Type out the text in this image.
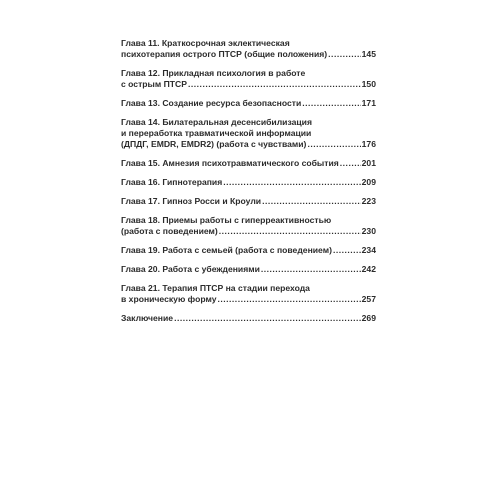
Глава 11. Краткосрочная эклектическая
психотерапия острого ПТСР (общие положения) .....	145
Глава 12. Прикладная психология в работе
с острым ПТСР .....	150
Глава 13. Создание ресурса безопасности .....	171
Глава 14. Билатеральная десенсибилизация
и переработка травматической информации
(ДПДГ, EMDR, EMDR2) (работа с чувствами) .....	176
Глава 15. Амнезия психотравматического события .....	201
Глава 16. Гипнотерапия .....	209
Глава 17. Гипноз Росси и Кроули .....	223
Глава 18. Приемы работы с гиперреактивностью
(работа с поведением) .....	230
Глава 19. Работа с семьей (работа с поведением) .....	234
Глава 20. Работа с убеждениями .....	242
Глава 21. Терапия ПТСР на стадии перехода
в хроническую форму .....	257
Заключение .....	269
